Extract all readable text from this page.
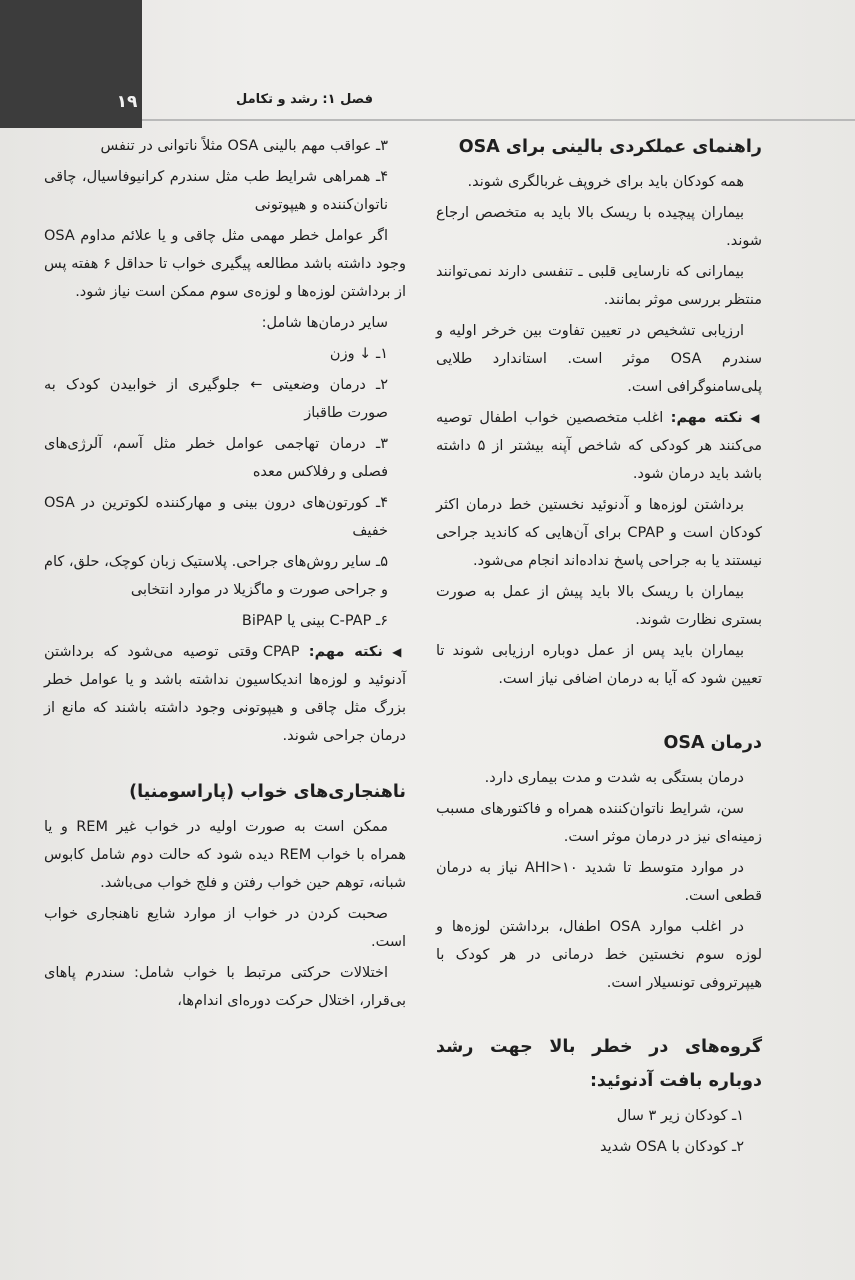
۱۹	فصل ۱: رشد و تکامل
راهنمای عملکردی بالینی برای OSA

همه کودکان باید برای خروپف غربالگری شوند.

بیماران پیچیده با ریسک بالا باید به متخصص ارجاع شوند.

بیمارانی که نارسایی قلبی ـ تنفسی دارند نمی‌توانند منتظر بررسی موثر بمانند.

ارزیابی تشخیص در تعیین تفاوت بین خرخر اولیه و سندرم OSA موثر است. استاندارد طلایی پلی‌سامنوگرافی است.

◀ نکته مهم: اغلب متخصصین خواب اطفال توصیه می‌کنند هر کودکی که شاخص آپنه بیشتر از ۵ داشته باشد باید درمان شود.

برداشتن لوزه‌ها و آدنوئید نخستین خط درمان اکثر کودکان است و CPAP برای آن‌هایی که کاندید جراحی نیستند یا به جراحی پاسخ نداده‌اند انجام می‌شود.

بیماران با ریسک بالا باید پیش از عمل به صورت بستری نظارت شوند.

بیماران باید پس از عمل دوباره ارزیابی شوند تا تعیین شود که آیا به درمان اضافی نیاز است.

درمان OSA

درمان بستگی به شدت و مدت بیماری دارد.

سن، شرایط ناتوان‌کننده همراه و فاکتورهای مسبب زمینه‌ای نیز در درمان موثر است.

در موارد متوسط تا شدید AHI>۱۰ نیاز به درمان قطعی است.

در اغلب موارد OSA اطفال، برداشتن لوزه‌ها و لوزه سوم نخستین خط درمانی در هر کودک با هیپرتروفی تونسیلار است.

گروه‌های در خطر بالا جهت رشد دوباره بافت آدنوئید:

۱ـ کودکان زیر ۳ سال

۲ـ کودکان با OSA شدید

۳ـ عواقب مهم بالینی OSA مثلاً ناتوانی در تنفس

۴ـ همراهی شرایط طب مثل سندرم کرانیوفاسیال، چاقی ناتوان‌کننده و هیپوتونی

اگر عوامل خطر مهمی مثل چاقی و یا علائم مداوم OSA وجود داشته باشد مطالعه پیگیری خواب تا حداقل ۶ هفته پس از برداشتن لوزه‌ها و لوزه‌ی سوم ممکن است نیاز شود.

سایر درمان‌ها شامل:

۱ـ ↓ وزن

۲ـ درمان وضعیتی ← جلوگیری از خوابیدن کودک به صورت طاقباز

۳ـ درمان تهاجمی عوامل خطر مثل آسم، آلرژی‌های فصلی و رفلاکس معده

۴ـ کورتون‌های درون بینی و مهارکننده لکوترین در OSA خفیف

۵ـ سایر روش‌های جراحی. پلاستیک زبان کوچک، حلق، کام و جراحی صورت و ماگزیلا در موارد انتخابی

۶ـ C-PAP بینی یا BiPAP

◀ نکته مهم: CPAP وقتی توصیه می‌شود که برداشتن آدنوئید و لوزه‌ها اندیکاسیون نداشته باشد و یا عوامل خطر بزرگ مثل چاقی و هیپوتونی وجود داشته باشند که مانع از درمان جراحی شوند.

ناهنجاری‌های خواب (پاراسومنیا)

ممکن است به صورت اولیه در خواب غیر REM و یا همراه با خواب REM دیده شود که حالت دوم شامل کابوس شبانه، توهم حین خواب رفتن و فلج خواب می‌باشد.

صحبت کردن در خواب از موارد شایع ناهنجاری خواب است.

اختلالات حرکتی مرتبط با خواب شامل: سندرم پاهای بی‌قرار، اختلال حرکت دوره‌ای اندام‌ها،
